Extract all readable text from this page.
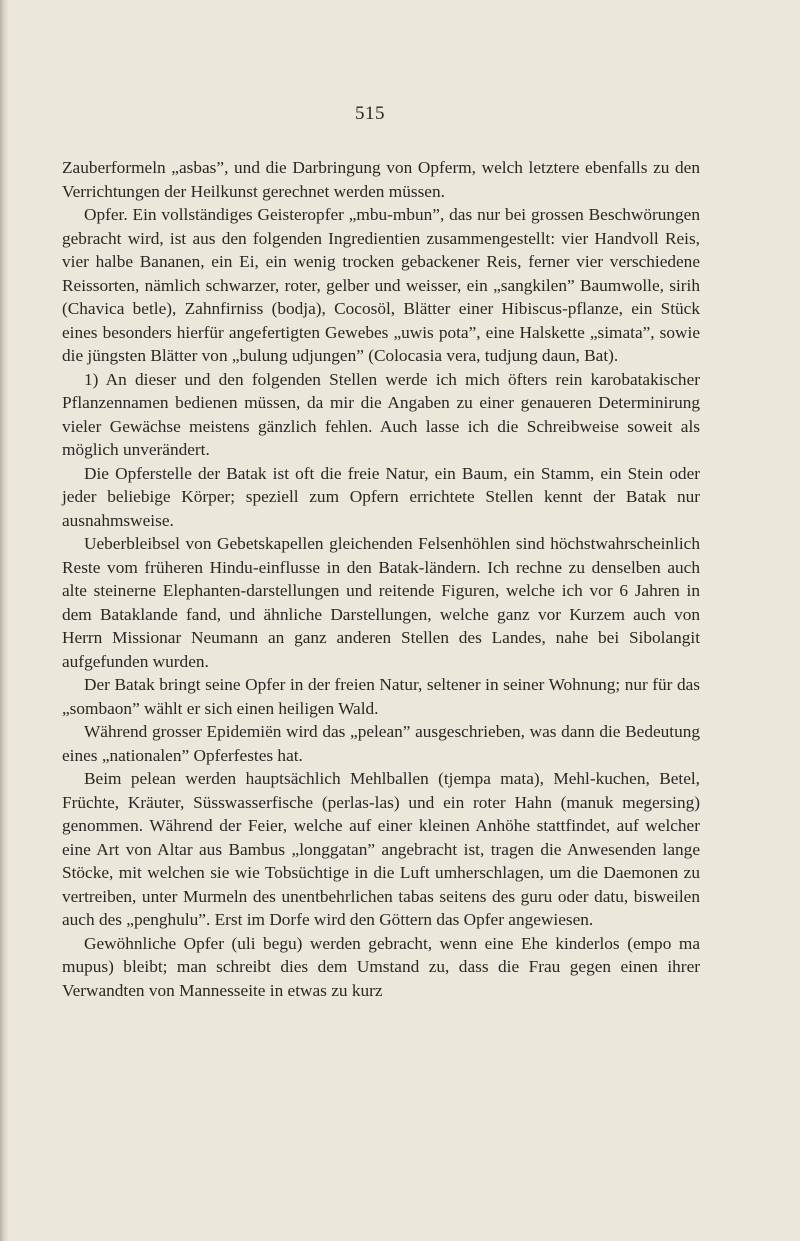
515

Zauberformeln „asbas”, und die Darbringung von Opferm, welch letztere ebenfalls zu den Verrichtungen der Heilkunst gerechnet werden müssen.

Opfer. Ein vollständiges Geisteropfer „mbu-mbun”, das nur bei grossen Beschwörungen gebracht wird, ist aus den folgenden Ingredientien zusammengestellt: vier Handvoll Reis, vier halbe Bananen, ein Ei, ein wenig trocken gebackener Reis, ferner vier verschiedene Reissorten, nämlich schwarzer, roter, gelber und weisser, ein „sangkilen” Baumwolle, sirih (Chavica betle), Zahnfirniss (bodja), Cocosöl, Blätter einer Hibiscus-pflanze, ein Stück eines besonders hierfür angefertigten Gewebes „uwis pota”, eine Halskette „simata”, sowie die jüngsten Blätter von „bulung udjungen” (Colocasia vera, tudjung daun, Bat).

1) An dieser und den folgenden Stellen werde ich mich öfters rein karobatakischer Pflanzennamen bedienen müssen, da mir die Angaben zu einer genaueren Determinirung vieler Gewächse meistens gänzlich fehlen. Auch lasse ich die Schreibweise soweit als möglich unverändert.

Die Opferstelle der Batak ist oft die freie Natur, ein Baum, ein Stamm, ein Stein oder jeder beliebige Körper; speziell zum Opfern errichtete Stellen kennt der Batak nur ausnahmsweise.

Ueberbleibsel von Gebetskapellen gleichenden Felsenhöhlen sind höchstwahrscheinlich Reste vom früheren Hindu-einflusse in den Batak-ländern. Ich rechne zu denselben auch alte steinerne Elephanten-darstellungen und reitende Figuren, welche ich vor 6 Jahren in dem Bataklande fand, und ähnliche Darstellungen, welche ganz vor Kurzem auch von Herrn Missionar Neumann an ganz anderen Stellen des Landes, nahe bei Sibolangit aufgefunden wurden.

Der Batak bringt seine Opfer in der freien Natur, seltener in seiner Wohnung; nur für das „sombaon” wählt er sich einen heiligen Wald.

Während grosser Epidemiën wird das „pelean” ausgeschrieben, was dann die Bedeutung eines „nationalen” Opferfestes hat.

Beim pelean werden hauptsächlich Mehlballen (tjempa mata), Mehl-kuchen, Betel, Früchte, Kräuter, Süsswasserfische (perlas-las) und ein roter Hahn (manuk megersing) genommen. Während der Feier, welche auf einer kleinen Anhöhe stattfindet, auf welcher eine Art von Altar aus Bambus „longgatan” angebracht ist, tragen die Anwesenden lange Stöcke, mit welchen sie wie Tobsüchtige in die Luft umherschlagen, um die Daemonen zu vertreiben, unter Murmeln des unentbehrlichen tabas seitens des guru oder datu, bisweilen auch des „penghulu”. Erst im Dorfe wird den Göttern das Opfer angewiesen.

Gewöhnliche Opfer (uli begu) werden gebracht, wenn eine Ehe kinderlos (empo ma mupus) bleibt; man schreibt dies dem Umstand zu, dass die Frau gegen einen ihrer Verwandten von Mannesseite in etwas zu kurz
